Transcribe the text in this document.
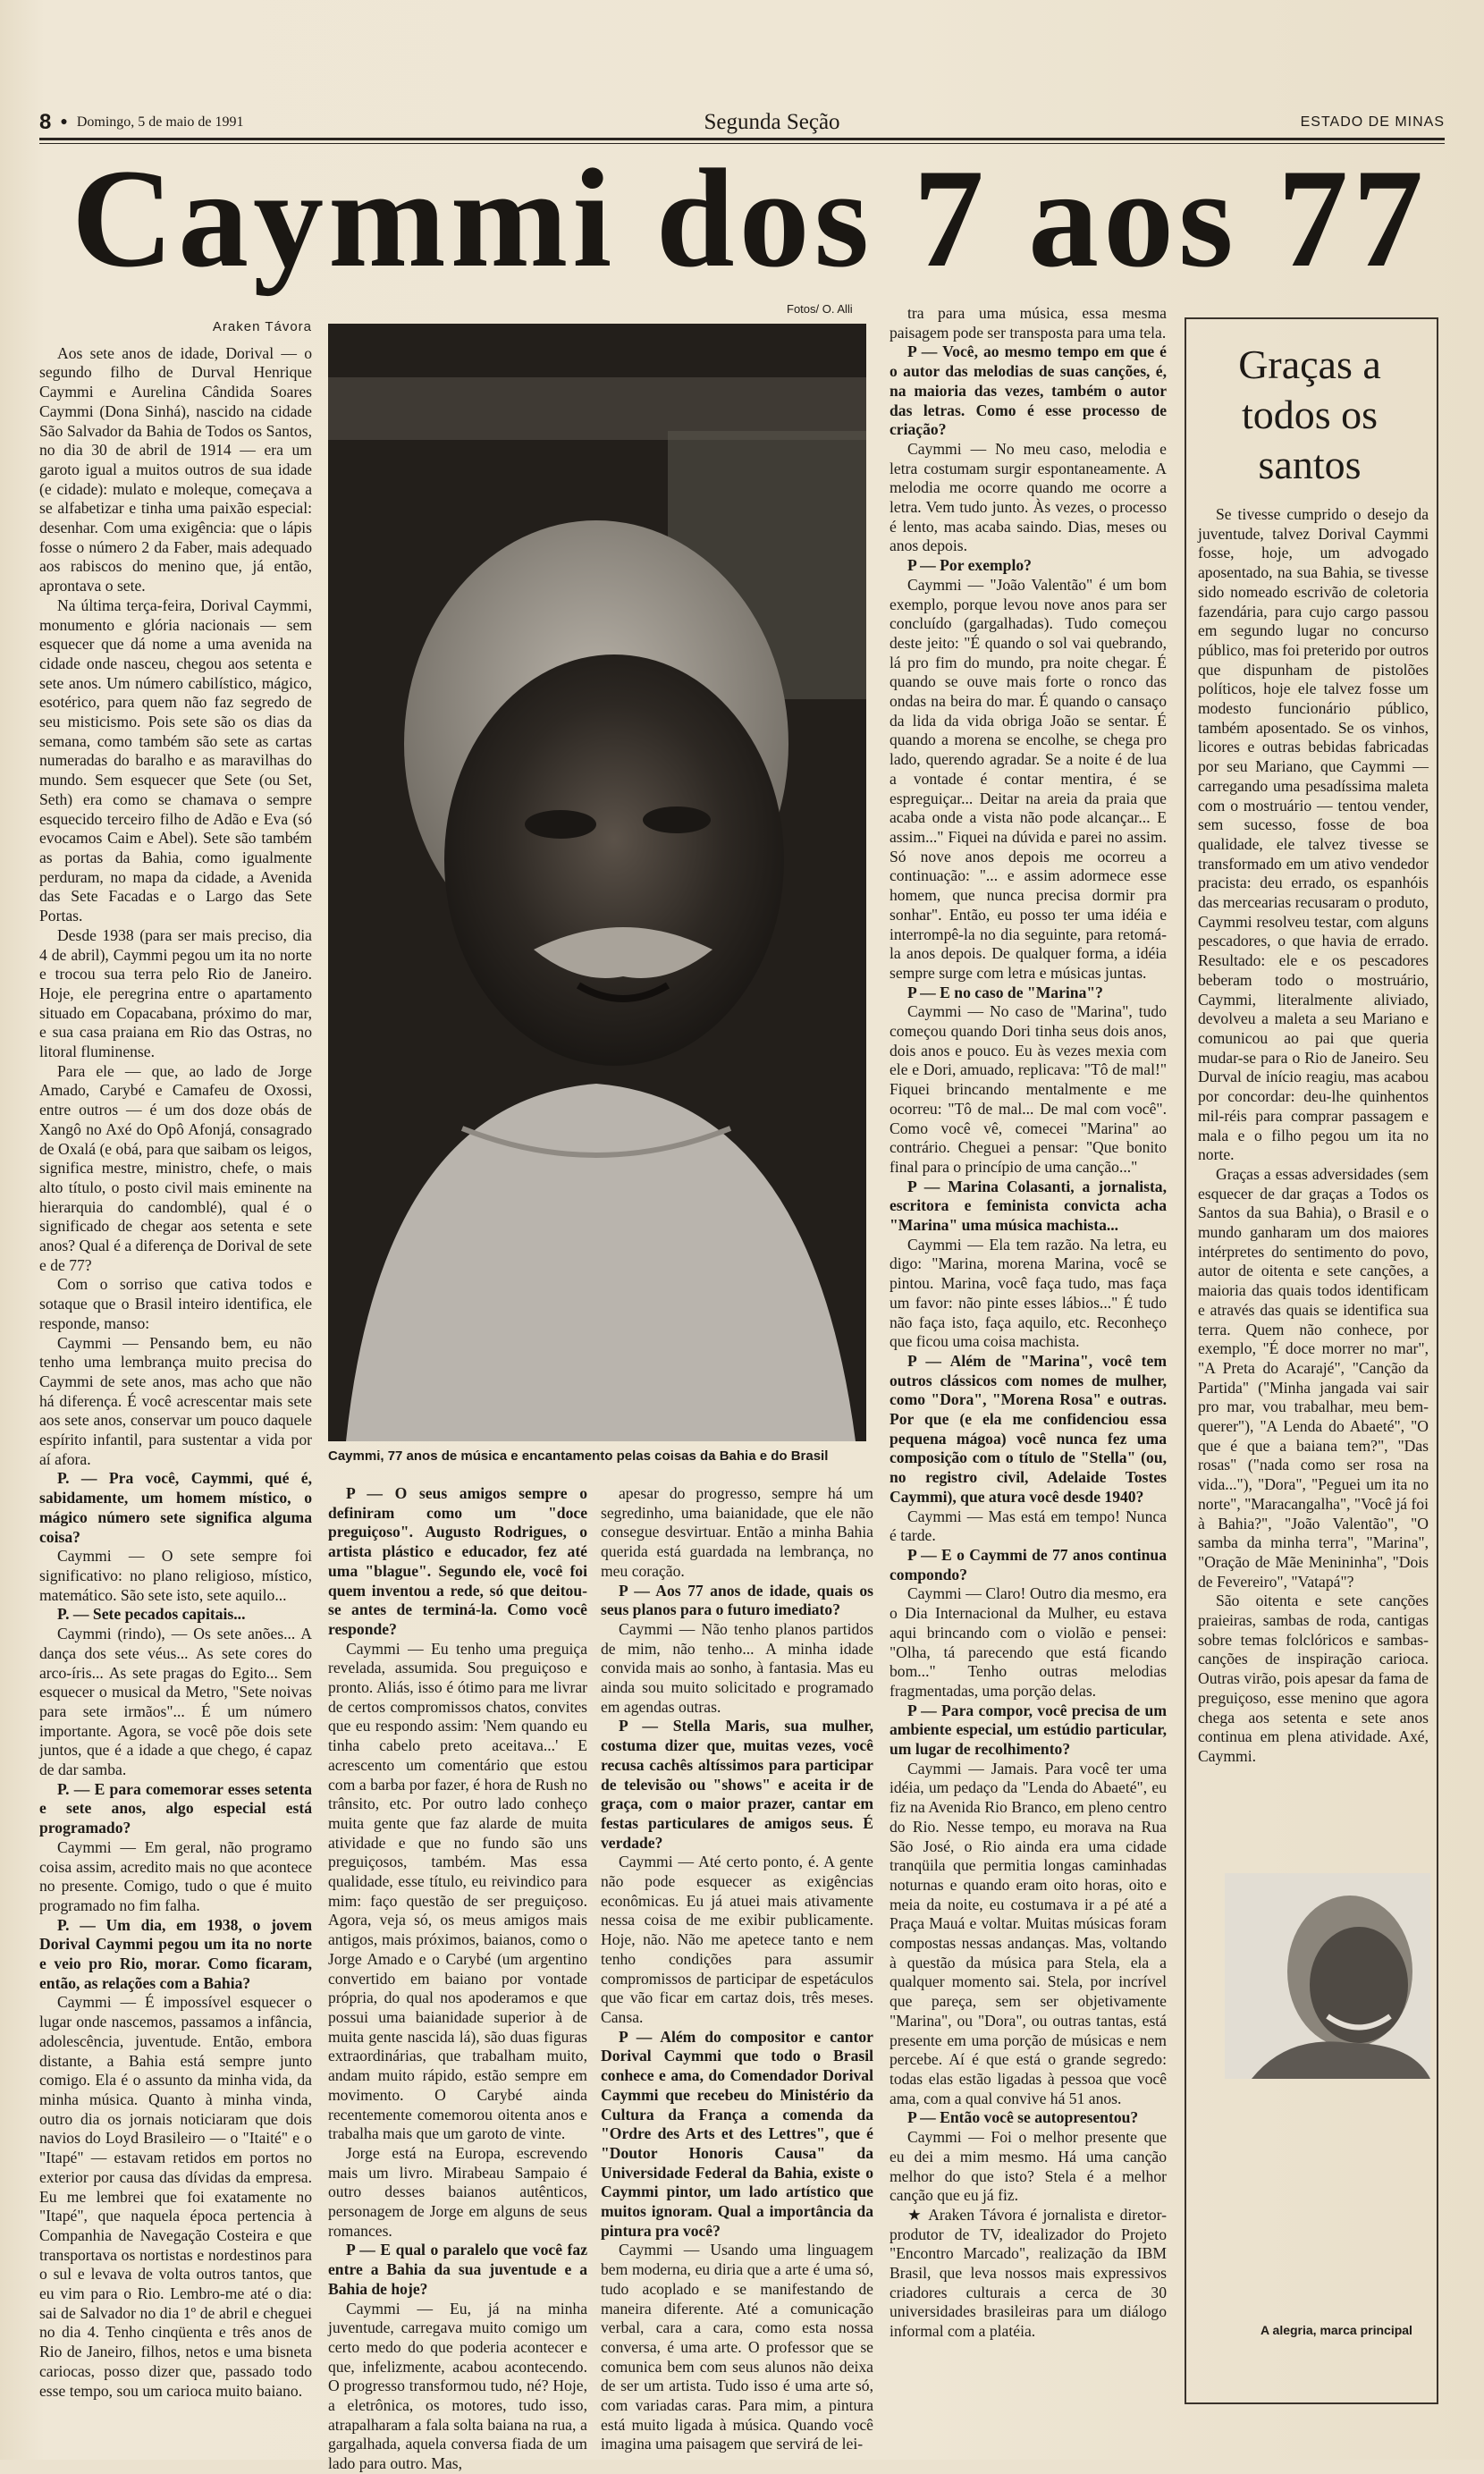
8 ● Domingo, 5 de maio de 1991	Segunda Seção	ESTADO DE MINAS
Caymmi dos 7 aos 77
Araken Távora

Aos sete anos de idade, Dorival — o segundo filho de Durval Henrique Caymmi e Aurelina Cândida Soares Caymmi (Dona Sinhá), nascido na cidade São Salvador da Bahia de Todos os Santos, no dia 30 de abril de 1914 — era um garoto igual a muitos outros de sua idade (e cidade): mulato e moleque, começava a se alfabetizar e tinha uma paixão especial: desenhar. Com uma exigência: que o lápis fosse o número 2 da Faber, mais adequado aos rabiscos do menino que, já então, aprontava o sete.

Na última terça-feira, Dorival Caymmi, monumento e glória nacionais — sem esquecer que dá nome a uma avenida na cidade onde nasceu, chegou aos setenta e sete anos. Um número cabilístico, mágico, esotérico, para quem não faz segredo de seu misticismo. Pois sete são os dias da semana, como também são sete as cartas numeradas do baralho e as maravilhas do mundo. Sem esquecer que Sete (ou Set, Seth) era como se chamava o sempre esquecido terceiro filho de Adão e Eva (só evocamos Caim e Abel). Sete são também as portas da Bahia, como igualmente perduram, no mapa da cidade, a Avenida das Sete Facadas e o Largo das Sete Portas.

Desde 1938 (para ser mais preciso, dia 4 de abril), Caymmi pegou um ita no norte e trocou sua terra pelo Rio de Janeiro. Hoje, ele peregrina entre o apartamento situado em Copacabana, próximo do mar, e sua casa praiana em Rio das Ostras, no litoral fluminense.

Para ele — que, ao lado de Jorge Amado, Carybé e Camafeu de Oxossi, entre outros — é um dos doze obás de Xangô no Axé do Opô Afonjá, consagrado de Oxalá (e obá, para que saibam os leigos, significa mestre, ministro, chefe, o mais alto título, o posto civil mais eminente na hierarquia do candomblé), qual é o significado de chegar aos setenta e sete anos? Qual é a diferença de Dorival de sete e de 77?

Com o sorriso que cativa todos e sotaque que o Brasil inteiro identifica, ele responde, manso:

Caymmi — Pensando bem, eu não tenho uma lembrança muito precisa do Caymmi de sete anos, mas acho que não há diferença. É você acrescentar mais sete aos sete anos, conservar um pouco daquele espírito infantil, para sustentar a vida por aí afora.

P. — Pra você, Caymmi, qué é, sabidamente, um homem místico, o mágico número sete significa alguma coisa?

Caymmi — O sete sempre foi significativo: no plano religioso, místico, matemático. São sete isto, sete aquilo...

P. — Sete pecados capitais...

Caymmi (rindo), — Os sete anões... A dança dos sete véus... As sete cores do arco-íris... As sete pragas do Egito... Sem esquecer o musical da Metro, "Sete noivas para sete irmãos"... É um número importante. Agora, se você põe dois sete juntos, que é a idade a que chego, é capaz de dar samba.

P. — E para comemorar esses setenta e sete anos, algo especial está programado?

Caymmi — Em geral, não programo coisa assim, acredito mais no que acontece no presente. Comigo, tudo o que é muito programado no fim falha.

P. — Um dia, em 1938, o jovem Dorival Caymmi pegou um ita no norte e veio pro Rio, morar. Como ficaram, então, as relações com a Bahia?

Caymmi — É impossível esquecer o lugar onde nascemos, passamos a infância, adolescência, juventude. Então, embora distante, a Bahia está sempre junto comigo. Ela é o assunto da minha vida, da minha música. Quanto à minha vinda, outro dia os jornais noticiaram que dois navios do Loyd Brasileiro — o "Itaité" e o "Itapé" — estavam retidos em portos no exterior por causa das dívidas da empresa. Eu me lembrei que foi exatamente no "Itapé", que naquela época pertencia à Companhia de Navegação Costeira e que transportava os nortistas e nordestinos para o sul e levava de volta outros tantos, que eu vim para o Rio. Lembro-me até o dia: sai de Salvador no dia 1º de abril e cheguei no dia 4. Tenho cinqüenta e três anos de Rio de Janeiro, filhos, netos e uma bisneta cariocas, posso dizer que, passado todo esse tempo, sou um carioca muito baiano.

Fotos/ O. Alli
Caymmi, 77 anos de música e encantamento pelas coisas da Bahia e do Brasil

P — O seus amigos sempre o definiram como um "doce preguiçoso". Augusto Rodrigues, o artista plástico e educador, fez até uma "blague". Segundo ele, você foi quem inventou a rede, só que deitou-se antes de terminá-la. Como você responde?

Caymmi — Eu tenho uma preguiça revelada, assumida. Sou preguiçoso e pronto. Aliás, isso é ótimo para me livrar de certos compromissos chatos, convites que eu respondo assim: 'Nem quando eu tinha cabelo preto aceitava...' E acrescento um comentário que estou com a barba por fazer, é hora de Rush no trânsito, etc. Por outro lado conheço muita gente que faz alarde de muita atividade e que no fundo são uns preguiçosos, também. Mas essa qualidade, esse título, eu reivindico para mim: faço questão de ser preguiçoso. Agora, veja só, os meus amigos mais antigos, mais próximos, baianos, como o Jorge Amado e o Carybé (um argentino convertido em baiano por vontade própria, do qual nos apoderamos e que possui uma baianidade superior à de muita gente nascida lá), são duas figuras extraordinárias, que trabalham muito, andam muito rápido, estão sempre em movimento. O Carybé ainda recentemente comemorou oitenta anos e trabalha mais que um garoto de vinte.

Jorge está na Europa, escrevendo mais um livro. Mirabeau Sampaio é outro desses baianos autênticos, personagem de Jorge em alguns de seus romances.

P — E qual o paralelo que você faz entre a Bahia da sua juventude e a Bahia de hoje?

Caymmi — Eu, já na minha juventude, carregava muito comigo um certo medo do que poderia acontecer e que, infelizmente, acabou acontecendo. O progresso transformou tudo, né? Hoje, a eletrônica, os motores, tudo isso, atrapalharam a fala solta baiana na rua, a gargalhada, aquela conversa fiada de um lado para outro. Mas,

apesar do progresso, sempre há um segredinho, uma baianidade, que ele não consegue desvirtuar. Então a minha Bahia querida está guardada na lembrança, no meu coração.

P — Aos 77 anos de idade, quais os seus planos para o futuro imediato?

Caymmi — Não tenho planos partidos de mim, não tenho... A minha idade convida mais ao sonho, à fantasia. Mas eu ainda sou muito solicitado e programado em agendas outras.

P — Stella Maris, sua mulher, costuma dizer que, muitas vezes, você recusa cachês altíssimos para participar de televisão ou "shows" e aceita ir de graça, com o maior prazer, cantar em festas particulares de amigos seus. É verdade?

Caymmi — Até certo ponto, é. A gente não pode esquecer as exigências econômicas. Eu já atuei mais ativamente nessa coisa de me exibir publicamente. Hoje, não. Não me apetece tanto e nem tenho condições para assumir compromissos de participar de espetáculos que vão ficar em cartaz dois, três meses. Cansa.

P — Além do compositor e cantor Dorival Caymmi que todo o Brasil conhece e ama, do Comendador Dorival Caymmi que recebeu do Ministério da Cultura da França a comenda da "Ordre des Arts et des Lettres", que é "Doutor Honoris Causa" da Universidade Federal da Bahia, existe o Caymmi pintor, um lado artístico que muitos ignoram. Qual a importância da pintura pra você?

Caymmi — Usando uma linguagem bem moderna, eu diria que a arte é uma só, tudo acoplado e se manifestando de maneira diferente. Até a comunicação verbal, cara a cara, como esta nossa conversa, é uma arte. O professor que se comunica bem com seus alunos não deixa de ser um artista. Tudo isso é uma arte só, com variadas caras. Para mim, a pintura está muito ligada à música. Quando você imagina uma paisagem que servirá de lei-

tra para uma música, essa mesma paisagem pode ser transposta para uma tela.

P — Você, ao mesmo tempo em que é o autor das melodias de suas canções, é, na maioria das vezes, também o autor das letras. Como é esse processo de criação?

Caymmi — No meu caso, melodia e letra costumam surgir espontaneamente. A melodia me ocorre quando me ocorre a letra. Vem tudo junto. Às vezes, o processo é lento, mas acaba saindo. Dias, meses ou anos depois.

P — Por exemplo?

Caymmi — "João Valentão" é um bom exemplo, porque levou nove anos para ser concluído (gargalhadas). Tudo começou deste jeito: "É quando o sol vai quebrando, lá pro fim do mundo, pra noite chegar. É quando se ouve mais forte o ronco das ondas na beira do mar. É quando o cansaço da lida da vida obriga João se sentar. É quando a morena se encolhe, se chega pro lado, querendo agradar. Se a noite é de lua a vontade é contar mentira, é se espreguiçar... Deitar na areia da praia que acaba onde a vista não pode alcançar... E assim..." Fiquei na dúvida e parei no assim. Só nove anos depois me ocorreu a continuação: "... e assim adormece esse homem, que nunca precisa dormir pra sonhar". Então, eu posso ter uma idéia e interrompê-la no dia seguinte, para retomá-la anos depois. De qualquer forma, a idéia sempre surge com letra e músicas juntas.

P — E no caso de "Marina"?

Caymmi — No caso de "Marina", tudo começou quando Dori tinha seus dois anos, dois anos e pouco. Eu às vezes mexia com ele e Dori, amuado, replicava: "Tô de mal!" Fiquei brincando mentalmente e me ocorreu: "Tô de mal... De mal com você". Como você vê, comecei "Marina" ao contrário. Cheguei a pensar: "Que bonito final para o princípio de uma canção..."

P — Marina Colasanti, a jornalista, escritora e feminista convicta acha "Marina" uma música machista...

Caymmi — Ela tem razão. Na letra, eu digo: "Marina, morena Marina, você se pintou. Marina, você faça tudo, mas faça um favor: não pinte esses lábios..." É tudo não faça isto, faça aquilo, etc. Reconheço que ficou uma coisa machista.

P — Além de "Marina", você tem outros clássicos com nomes de mulher, como "Dora", "Morena Rosa" e outras. Por que (e ela me confidenciou essa pequena mágoa) você nunca fez uma composição com o título de "Stella" (ou, no registro civil, Adelaide Tostes Caymmi), que atura você desde 1940?

Caymmi — Mas está em tempo! Nunca é tarde.

P — E o Caymmi de 77 anos continua compondo?

Caymmi — Claro! Outro dia mesmo, era o Dia Internacional da Mulher, eu estava aqui brincando com o violão e pensei: "Olha, tá parecendo que está ficando bom..." Tenho outras melodias fragmentadas, uma porção delas.

P — Para compor, você precisa de um ambiente especial, um estúdio particular, um lugar de recolhimento?

Caymmi — Jamais. Para você ter uma idéia, um pedaço da "Lenda do Abaeté", eu fiz na Avenida Rio Branco, em pleno centro do Rio. Nesse tempo, eu morava na Rua São José, o Rio ainda era uma cidade tranqüila que permitia longas caminhadas noturnas e quando eram oito horas, oito e meia da noite, eu costumava ir a pé até a Praça Mauá e voltar. Muitas músicas foram compostas nessas andanças. Mas, voltando à questão da música para Stela, ela a qualquer momento sai. Stela, por incrível que pareça, sem ser objetivamente "Marina", ou "Dora", ou outras tantas, está presente em uma porção de músicas e nem percebe. Aí é que está o grande segredo: todas elas estão ligadas à pessoa que você ama, com a qual convive há 51 anos.

P — Então você se autopresentou?

Caymmi — Foi o melhor presente que eu dei a mim mesmo. Há uma canção melhor do que isto? Stela é a melhor canção que eu já fiz.

★ Araken Távora é jornalista e diretor-produtor de TV, idealizador do Projeto "Encontro Marcado", realização da IBM Brasil, que leva nossos mais expressivos criadores culturais a cerca de 30 universidades brasileiras para um diálogo informal com a platéia.

Graças a todos os santos

Se tivesse cumprido o desejo da juventude, talvez Dorival Caymmi fosse, hoje, um advogado aposentado, na sua Bahia, se tivesse sido nomeado escrivão de coletoria fazendária, para cujo cargo passou em segundo lugar no concurso público, mas foi preterido por outros que dispunham de pistolões políticos, hoje ele talvez fosse um modesto funcionário público, também aposentado. Se os vinhos, licores e outras bebidas fabricadas por seu Mariano, que Caymmi — carregando uma pesadíssima maleta com o mostruário — tentou vender, sem sucesso, fosse de boa qualidade, ele talvez tivesse se transformado em um ativo vendedor pracista: deu errado, os espanhóis das mercearias recusaram o produto, Caymmi resolveu testar, com alguns pescadores, o que havia de errado. Resultado: ele e os pescadores beberam todo o mostruário, Caymmi, literalmente aliviado, devolveu a maleta a seu Mariano e comunicou ao pai que queria mudar-se para o Rio de Janeiro. Seu Durval de início reagiu, mas acabou por concordar: deu-lhe quinhentos mil-réis para comprar passagem e mala e o filho pegou um ita no norte.

Graças a essas adversidades (sem esquecer de dar graças a Todos os Santos da sua Bahia), o Brasil e o mundo ganharam um dos maiores intérpretes do sentimento do povo, autor de oitenta e sete canções, a maioria das quais todos identificam e através das quais se identifica sua terra. Quem não conhece, por exemplo, "É doce morrer no mar", "A Preta do Acarajé", "Canção da Partida" ("Minha jangada vai sair pro mar, vou trabalhar, meu bem-querer"), "A Lenda do Abaeté", "O que é que a baiana tem?", "Das rosas" ("nada como ser rosa na vida..."), "Dora", "Peguei um ita no norte", "Maracangalha", "Você já foi à Bahia?", "João Valentão", "O samba da minha terra", "Marina", "Oração de Mãe Menininha", "Dois de Fevereiro", "Vatapá"?

São oitenta e sete canções praieiras, sambas de roda, cantigas sobre temas folclóricos e sambas-canções de inspiração carioca. Outras virão, pois apesar da fama de preguiçoso, esse menino que agora chega aos setenta e sete anos continua em plena atividade. Axé, Caymmi.

A alegria, marca principal
